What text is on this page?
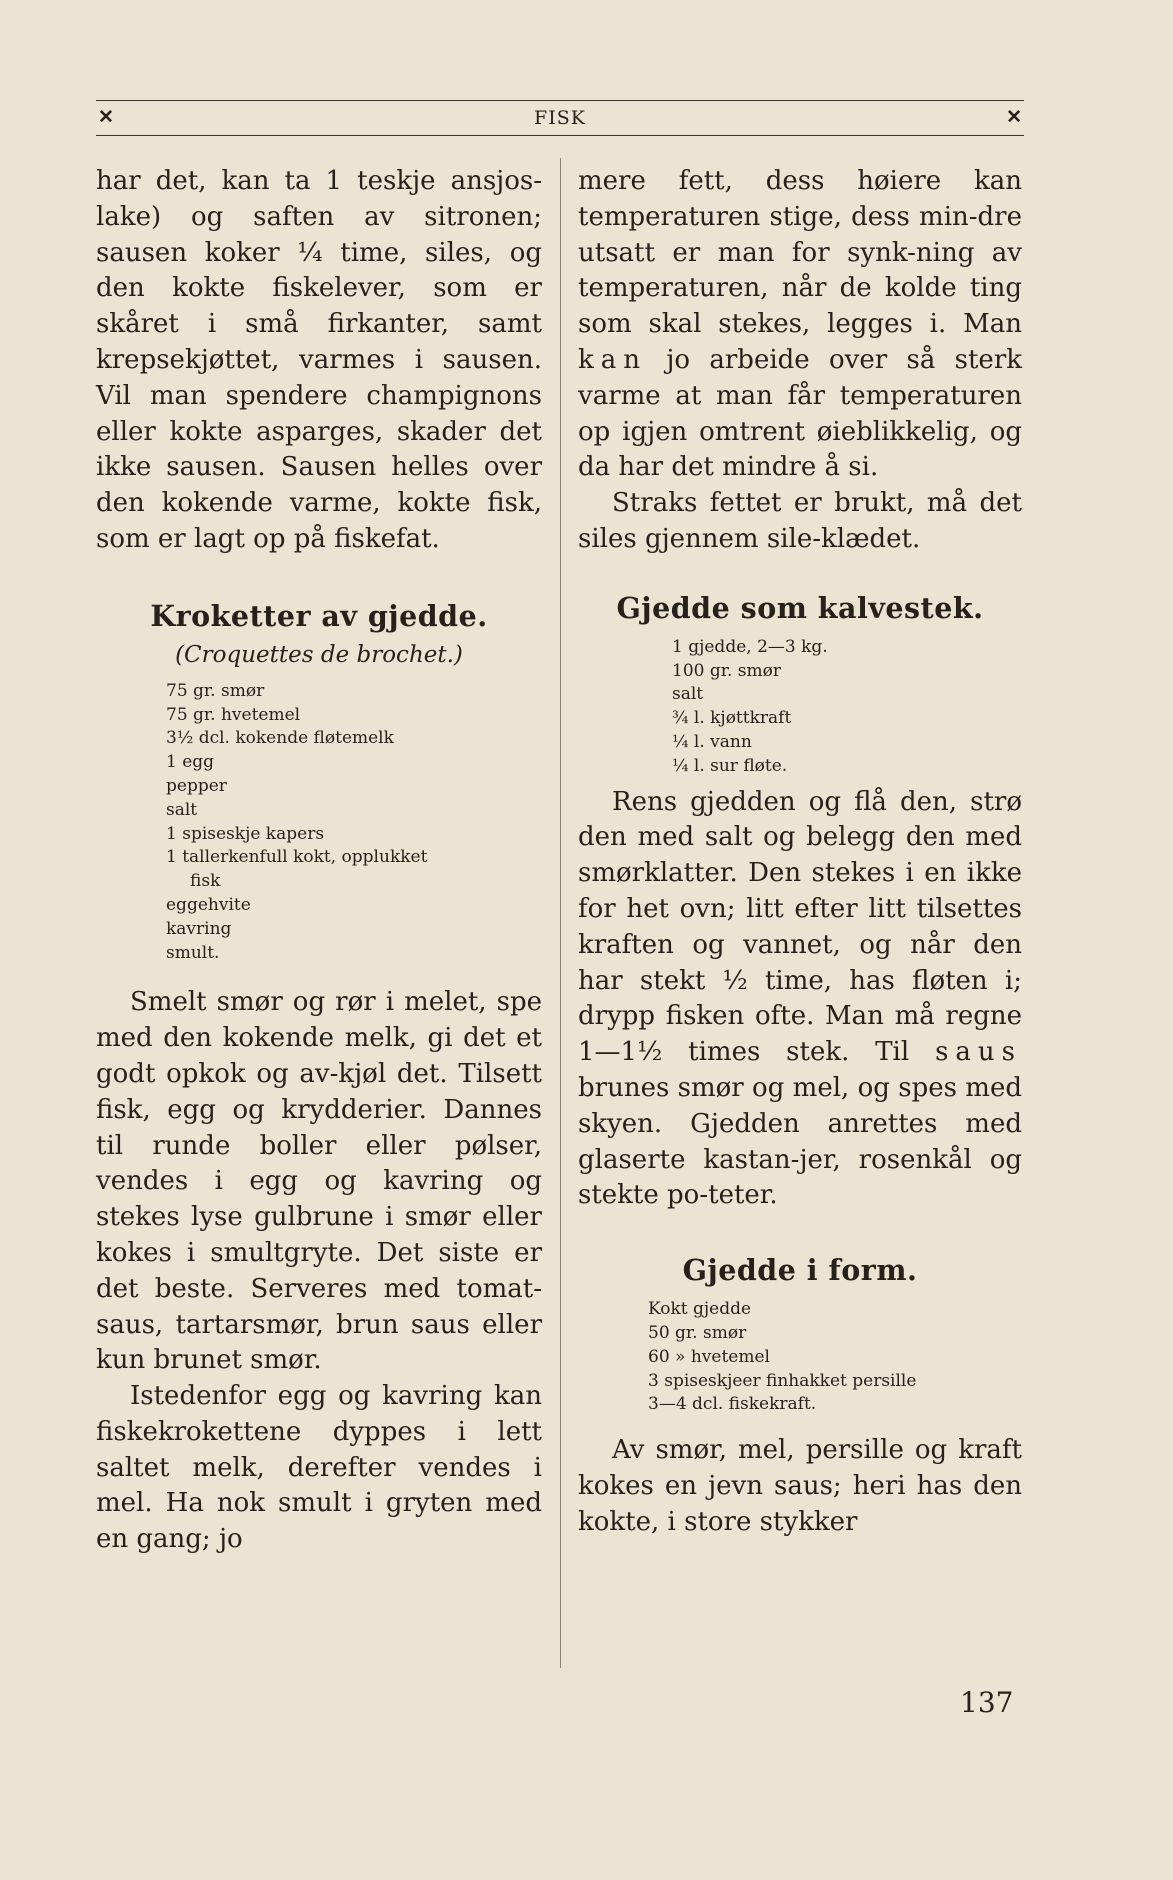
✕	FISK	✕

har det, kan ta 1 teskje ansjos-lake) og saften av sitronen; sausen koker ¼ time, siles, og den kokte fiskelever, som er skåret i små firkanter, samt krepsekjøttet, varmes i sausen. Vil man spendere champignons eller kokte asparges, skader det ikke sausen. Sausen helles over den kokende varme, kokte fisk, som er lagt op på fiskefat.

Kroketter av gjedde.
(Croquettes de brochet.)
75 gr. smør
75 gr. hvetemel
3½ dcl. kokende fløtemelk
1 egg
pepper
salt
1 spiseskje kapers
1 tallerkenfull kokt, opplukket
fisk
eggehvite
kavring
smult.

Smelt smør og rør i melet, spe med den kokende melk, gi det et godt opkok og av-kjøl det. Tilsett fisk, egg og krydderier. Dannes til runde boller eller pølser, vendes i egg og kavring og stekes lyse gulbrune i smør eller kokes i smultgryte. Det siste er det beste. Serveres med tomat-saus, tartarsmør, brun saus eller kun brunet smør.

Istedenfor egg og kavring kan fiskekrokettene dyppes i lett saltet melk, derefter vendes i mel. Ha nok smult i gryten med en gang; jo

mere fett, dess høiere kan temperaturen stige, dess min-dre utsatt er man for synk-ning av temperaturen, når de kolde ting som skal stekes, legges i. Man kan jo arbeide over så sterk varme at man får temperaturen op igjen omtrent øieblikkelig, og da har det mindre å si.

Straks fettet er brukt, må det siles gjennem sile-klædet.

Gjedde som kalvestek.
1 gjedde, 2—3 kg.
100 gr. smør
salt
¾ l. kjøttkraft
¼ l. vann
¼ l. sur fløte.

Rens gjedden og flå den, strø den med salt og belegg den med smørklatter. Den stekes i en ikke for het ovn; litt efter litt tilsettes kraften og vannet, og når den har stekt ½ time, has fløten i; drypp fisken ofte. Man må regne 1—1½ times stek. Til saus brunes smør og mel, og spes med skyen. Gjedden anrettes med glaserte kastan-jer, rosenkål og stekte po-teter.

Gjedde i form.
Kokt gjedde
50 gr. smør
60 » hvetemel
3 spiseskjeer finhakket persille
3—4 dcl. fiskekraft.

Av smør, mel, persille og kraft kokes en jevn saus; heri has den kokte, i store stykker

137
